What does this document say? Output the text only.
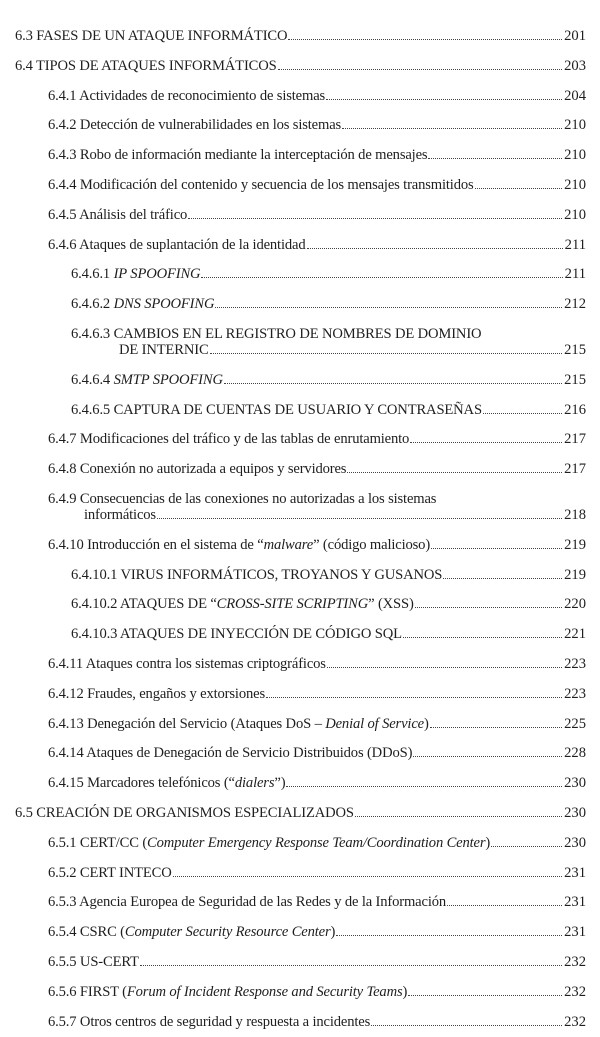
6.3 FASES DE UN ATAQUE INFORMÁTICO	201
6.4 TIPOS DE ATAQUES INFORMÁTICOS	203
6.4.1 Actividades de reconocimiento de sistemas	204
6.4.2 Detección de vulnerabilidades en los sistemas	210
6.4.3 Robo de información mediante la interceptación de mensajes	210
6.4.4 Modificación del contenido y secuencia de los mensajes transmitidos	210
6.4.5 Análisis del tráfico	210
6.4.6 Ataques de suplantación de la identidad	211
6.4.6.1 IP SPOOFING	211
6.4.6.2 DNS SPOOFING	212
6.4.6.3 CAMBIOS EN EL REGISTRO DE NOMBRES DE DOMINIO
DE INTERNIC	215
6.4.6.4 SMTP SPOOFING	215
6.4.6.5 CAPTURA DE CUENTAS DE USUARIO Y CONTRASEÑAS	216
6.4.7 Modificaciones del tráfico y de las tablas de enrutamiento	217
6.4.8 Conexión no autorizada a equipos y servidores	217
6.4.9 Consecuencias de las conexiones no autorizadas a los sistemas
informáticos	218
6.4.10 Introducción en el sistema de “malware” (código malicioso)	219
6.4.10.1 VIRUS INFORMÁTICOS, TROYANOS Y GUSANOS	219
6.4.10.2 ATAQUES DE “CROSS-SITE SCRIPTING” (XSS)	220
6.4.10.3 ATAQUES DE INYECCIÓN DE CÓDIGO SQL	221
6.4.11 Ataques contra los sistemas criptográficos	223
6.4.12 Fraudes, engaños y extorsiones	223
6.4.13 Denegación del Servicio (Ataques DoS – Denial of Service)	225
6.4.14 Ataques de Denegación de Servicio Distribuidos (DDoS)	228
6.4.15 Marcadores telefónicos (“dialers”)	230
6.5 CREACIÓN DE ORGANISMOS ESPECIALIZADOS	230
6.5.1 CERT/CC (Computer Emergency Response Team/Coordination Center)	230
6.5.2 CERT INTECO	231
6.5.3 Agencia Europea de Seguridad de las Redes y de la Información	231
6.5.4 CSRC (Computer Security Resource Center)	231
6.5.5 US-CERT	232
6.5.6 FIRST (Forum of Incident Response and Security Teams)	232
6.5.7 Otros centros de seguridad y respuesta a incidentes	232
